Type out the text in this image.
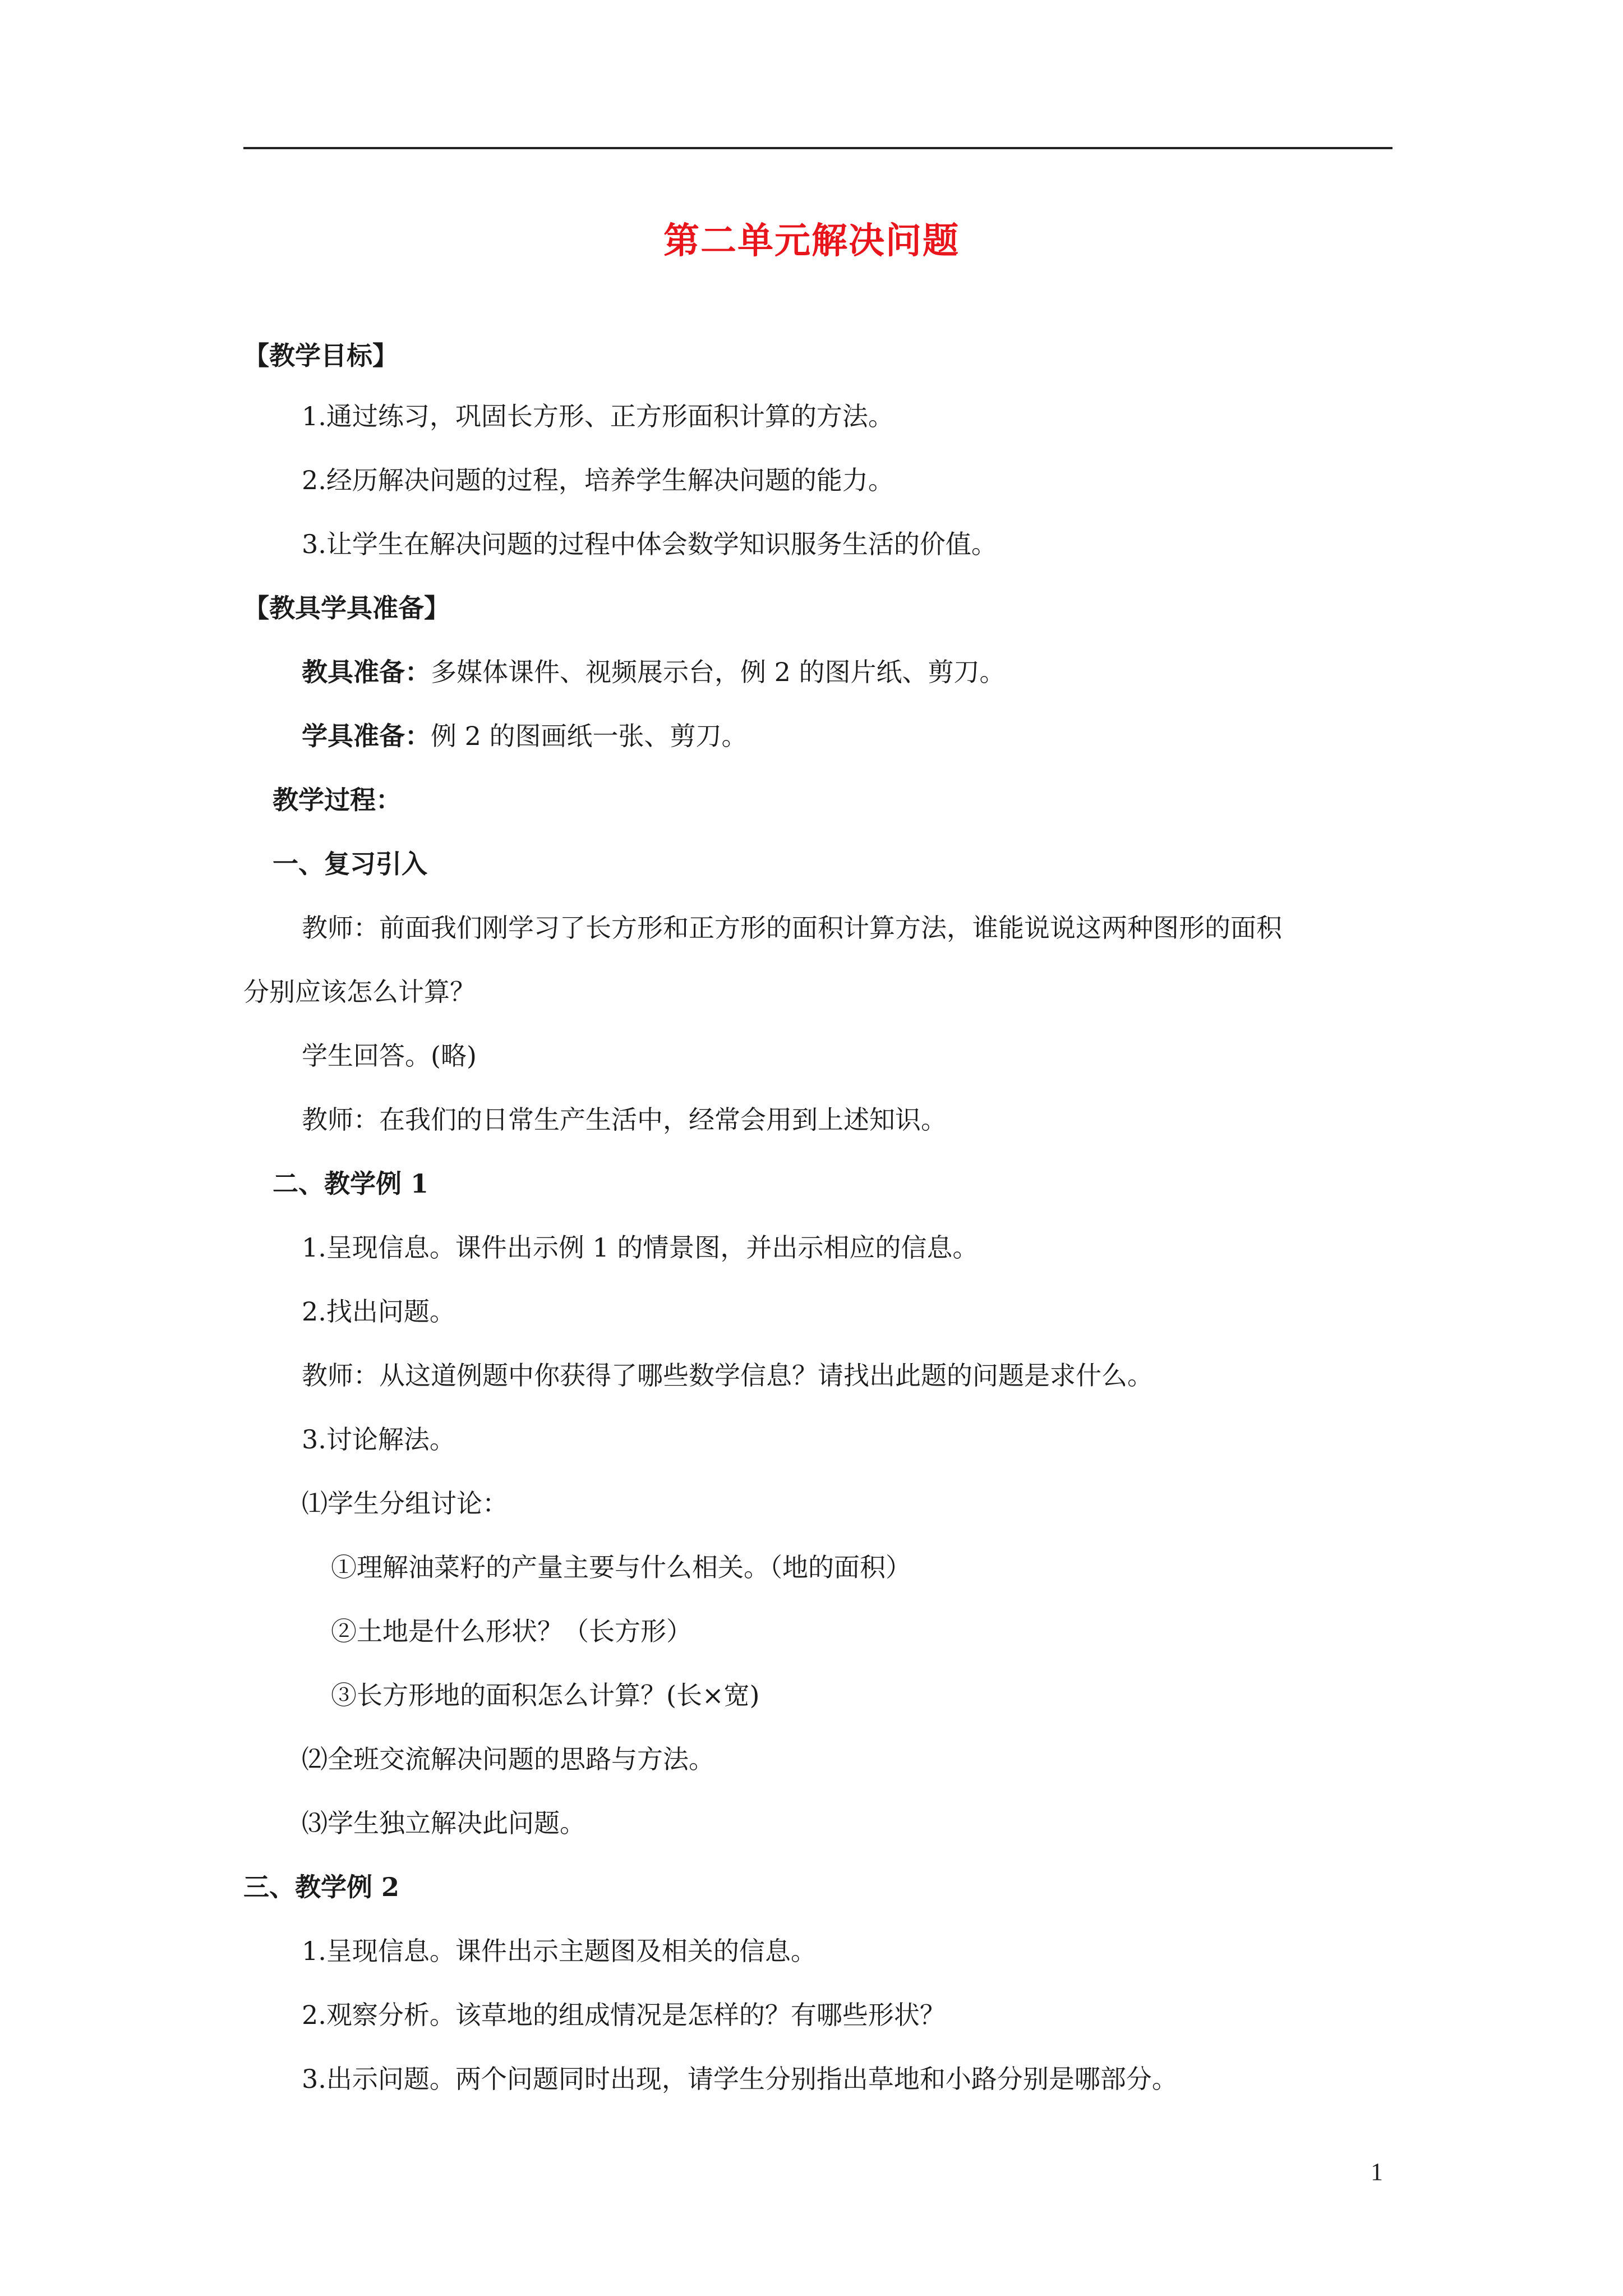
第二单元解决问题
【教学目标】
1.通过练习，巩固长方形、正方形面积计算的方法。
2.经历解决问题的过程，培养学生解决问题的能力。
3.让学生在解决问题的过程中体会数学知识服务生活的价值。
【教具学具准备】
教具准备：多媒体课件、视频展示台，例 2 的图片纸、剪刀。
学具准备：例 2 的图画纸一张、剪刀。
教学过程：
一、复习引入
教师：前面我们刚学习了长方形和正方形的面积计算方法，谁能说说这两种图形的面积
分别应该怎么计算？
学生回答。(略)
教师：在我们的日常生产生活中，经常会用到上述知识。
二、教学例 1
1.呈现信息。课件出示例 1 的情景图，并出示相应的信息。
2.找出问题。
教师：从这道例题中你获得了哪些数学信息？请找出此题的问题是求什么。
3.讨论解法。
⑴学生分组讨论：
①理解油菜籽的产量主要与什么相关。（地的面积）
②土地是什么形状？（长方形）
③长方形地的面积怎么计算？(长×宽)
⑵全班交流解决问题的思路与方法。
⑶学生独立解决此问题。
三、教学例 2
1.呈现信息。课件出示主题图及相关的信息。
2.观察分析。该草地的组成情况是怎样的？有哪些形状？
3.出示问题。两个问题同时出现，请学生分别指出草地和小路分别是哪部分。
1
